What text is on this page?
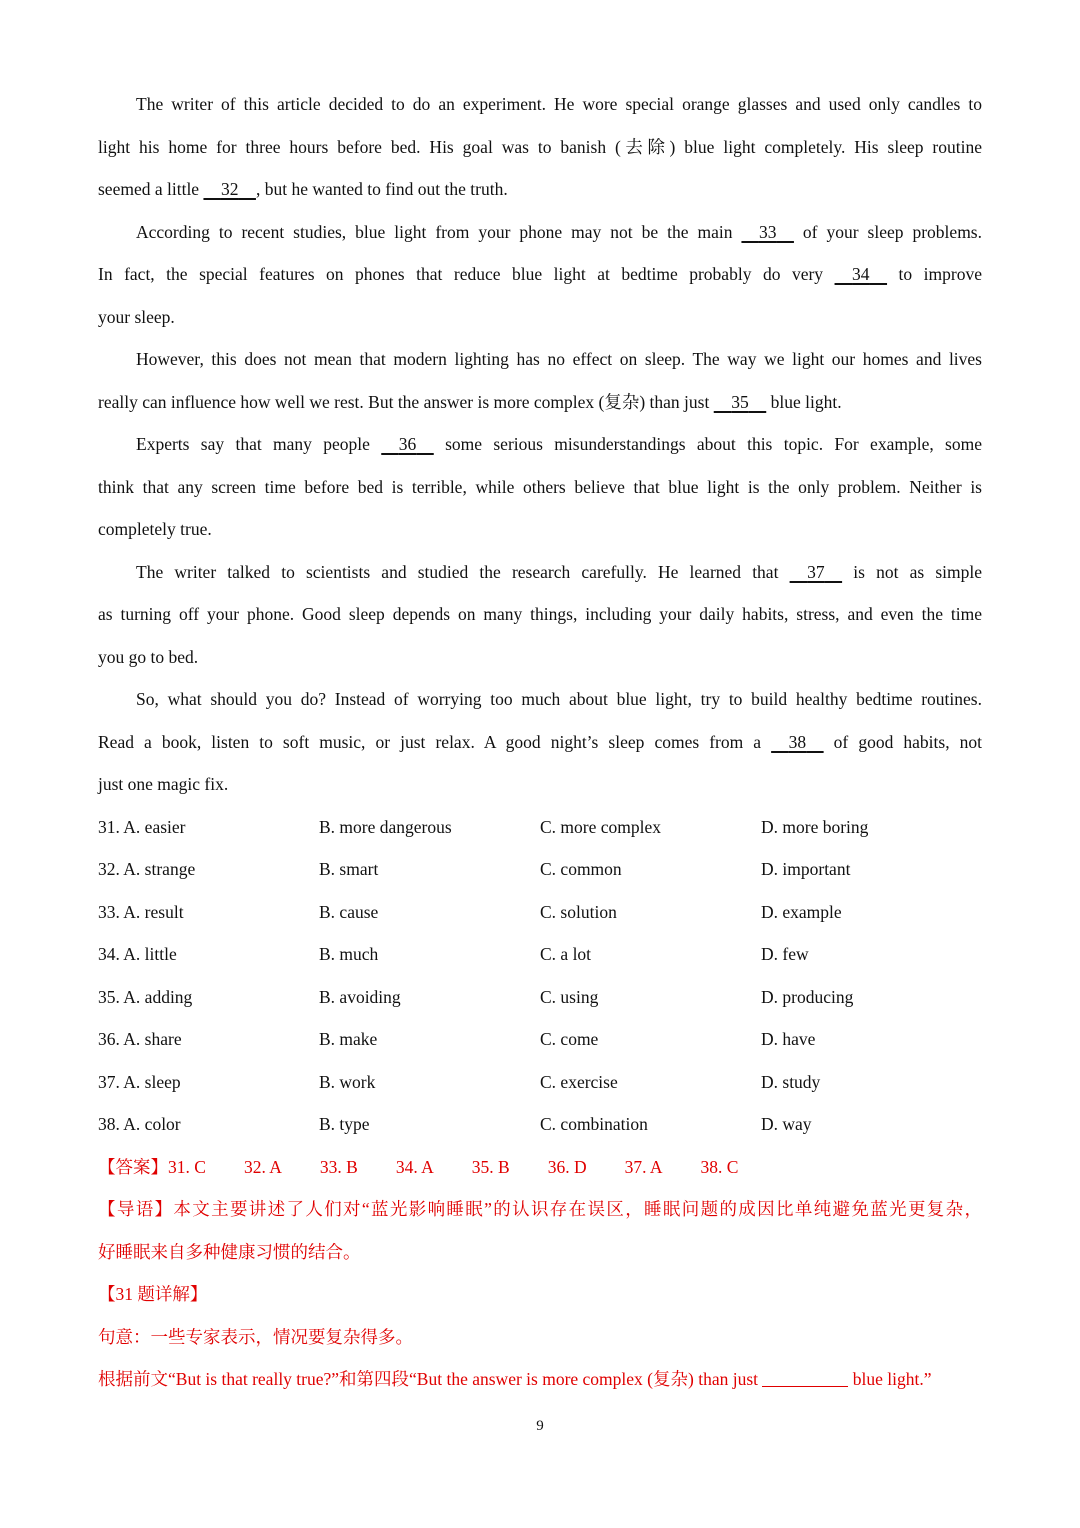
The writer of this article decided to do an experiment. He wore special orange glasses and used only candles to
light his home for three hours before bed. His goal was to banish (去除) blue light completely. His sleep routine
seemed a little     32 , but he wanted to find out the truth.
According to recent studies, blue light from your phone may not be the main     33     of your sleep problems.
In fact, the special features on phones that reduce blue light at bedtime probably do very     34     to improve
your sleep.
However, this does not mean that modern lighting has no effect on sleep. The way we light our homes and lives
really can influence how well we rest. But the answer is more complex (复杂) than just     35     blue light.
Experts say that many people     36     some serious misunderstandings about this topic. For example, some
think that any screen time before bed is terrible, while others believe that blue light is the only problem. Neither is
completely true.
The writer talked to scientists and studied the research carefully. He learned that     37     is not as simple
as turning off your phone. Good sleep depends on many things, including your daily habits, stress, and even the time
you go to bed.
So, what should you do? Instead of worrying too much about blue light, try to build healthy bedtime routines.
Read a book, listen to soft music, or just relax. A good night’s sleep comes from a     38     of good habits, not
just one magic fix.
31. A. easier	B. more dangerous	C. more complex	D. more boring
32. A. strange	B. smart	C. common	D. important
33. A. result	B. cause	C. solution	D. example
34. A. little	B. much	C. a lot	D. few
35. A. adding	B. avoiding	C. using	D. producing
36. A. share	B. make	C. come	D. have
37. A. sleep	B. work	C. exercise	D. study
38. A. color	B. type	C. combination	D. way
【答案】 31. C 32. A 33. B 34. A 35. B 36. D 37. A 38. C
【导语】本文主要讲述了人们对“蓝光影响睡眠”的认识存在误区，睡眠问题的成因比单纯避免蓝光更复杂，
好睡眠来自多种健康习惯的结合。
【31 题详解】
句意：一些专家表示，情况要复杂得多。
根据前文“But is that really true?”和第四段“But the answer is more complex (复杂) than just	blue light.”
9
